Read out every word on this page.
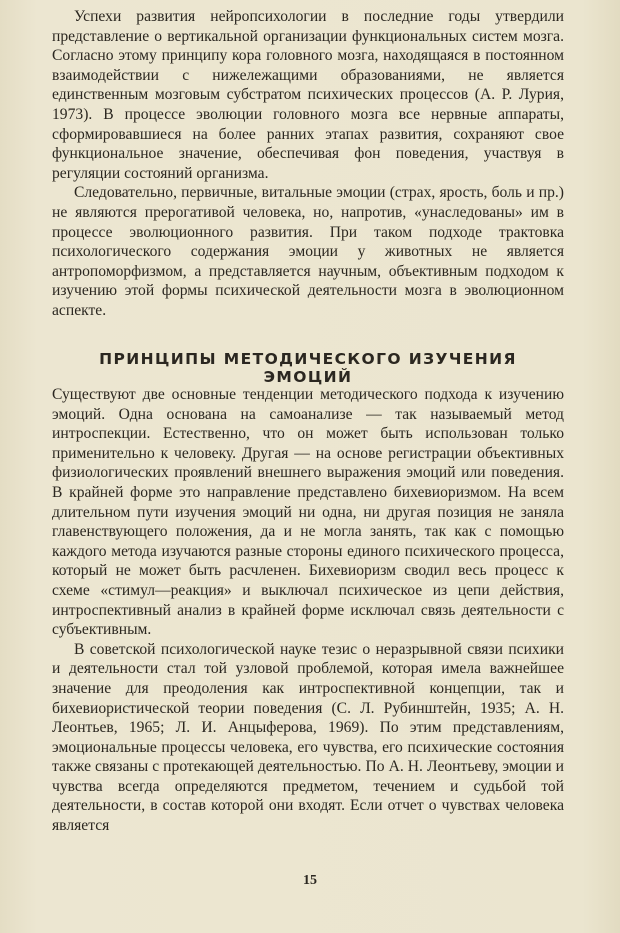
Успехи развития нейропсихологии в последние годы утвердили представление о вертикальной организации функциональных систем мозга. Согласно этому принципу кора головного мозга, находящаяся в постоянном взаимодействии с нижележащими образованиями, не является единственным мозговым субстратом психических процессов (А. Р. Лурия, 1973). В процессе эволюции головного мозга все нервные аппараты, сформировавшиеся на более ранних этапах развития, сохраняют свое функциональное значение, обеспечивая фон поведения, участвуя в регуляции состояний организма.

Следовательно, первичные, витальные эмоции (страх, ярость, боль и пр.) не являются прерогативой человека, но, напротив, «унаследованы» им в процессе эволюционного развития. При таком подходе трактовка психологического содержания эмоции у животных не является антропоморфизмом, а представляется научным, объективным подходом к изучению этой формы психической деятельности мозга в эволюционном аспекте.

ПРИНЦИПЫ МЕТОДИЧЕСКОГО ИЗУЧЕНИЯ ЭМОЦИЙ

Существуют две основные тенденции методического подхода к изучению эмоций. Одна основана на самоанализе — так называемый метод интроспекции. Естественно, что он может быть использован только применительно к человеку. Другая — на основе регистрации объективных физиологических проявлений внешнего выражения эмоций или поведения. В крайней форме это направление представлено бихевиоризмом. На всем длительном пути изучения эмоций ни одна, ни другая позиция не заняла главенствующего положения, да и не могла занять, так как с помощью каждого метода изучаются разные стороны единого психического процесса, который не может быть расчленен. Бихевиоризм сводил весь процесс к схеме «стимул—реакция» и выключал психическое из цепи действия, интроспективный анализ в крайней форме исключал связь деятельности с субъективным.

В советской психологической науке тезис о неразрывной связи психики и деятельности стал той узловой проблемой, которая имела важнейшее значение для преодоления как интроспективной концепции, так и бихевиористической теории поведения (С. Л. Рубинштейн, 1935; А. Н. Леонтьев, 1965; Л. И. Анцыферова, 1969). По этим представлениям, эмоциональные процессы человека, его чувства, его психические состояния также связаны с протекающей деятельностью. По А. Н. Леонтьеву, эмоции и чувства всегда определяются предметом, течением и судьбой той деятельности, в состав которой они входят. Если отчет о чувствах человека является

15
